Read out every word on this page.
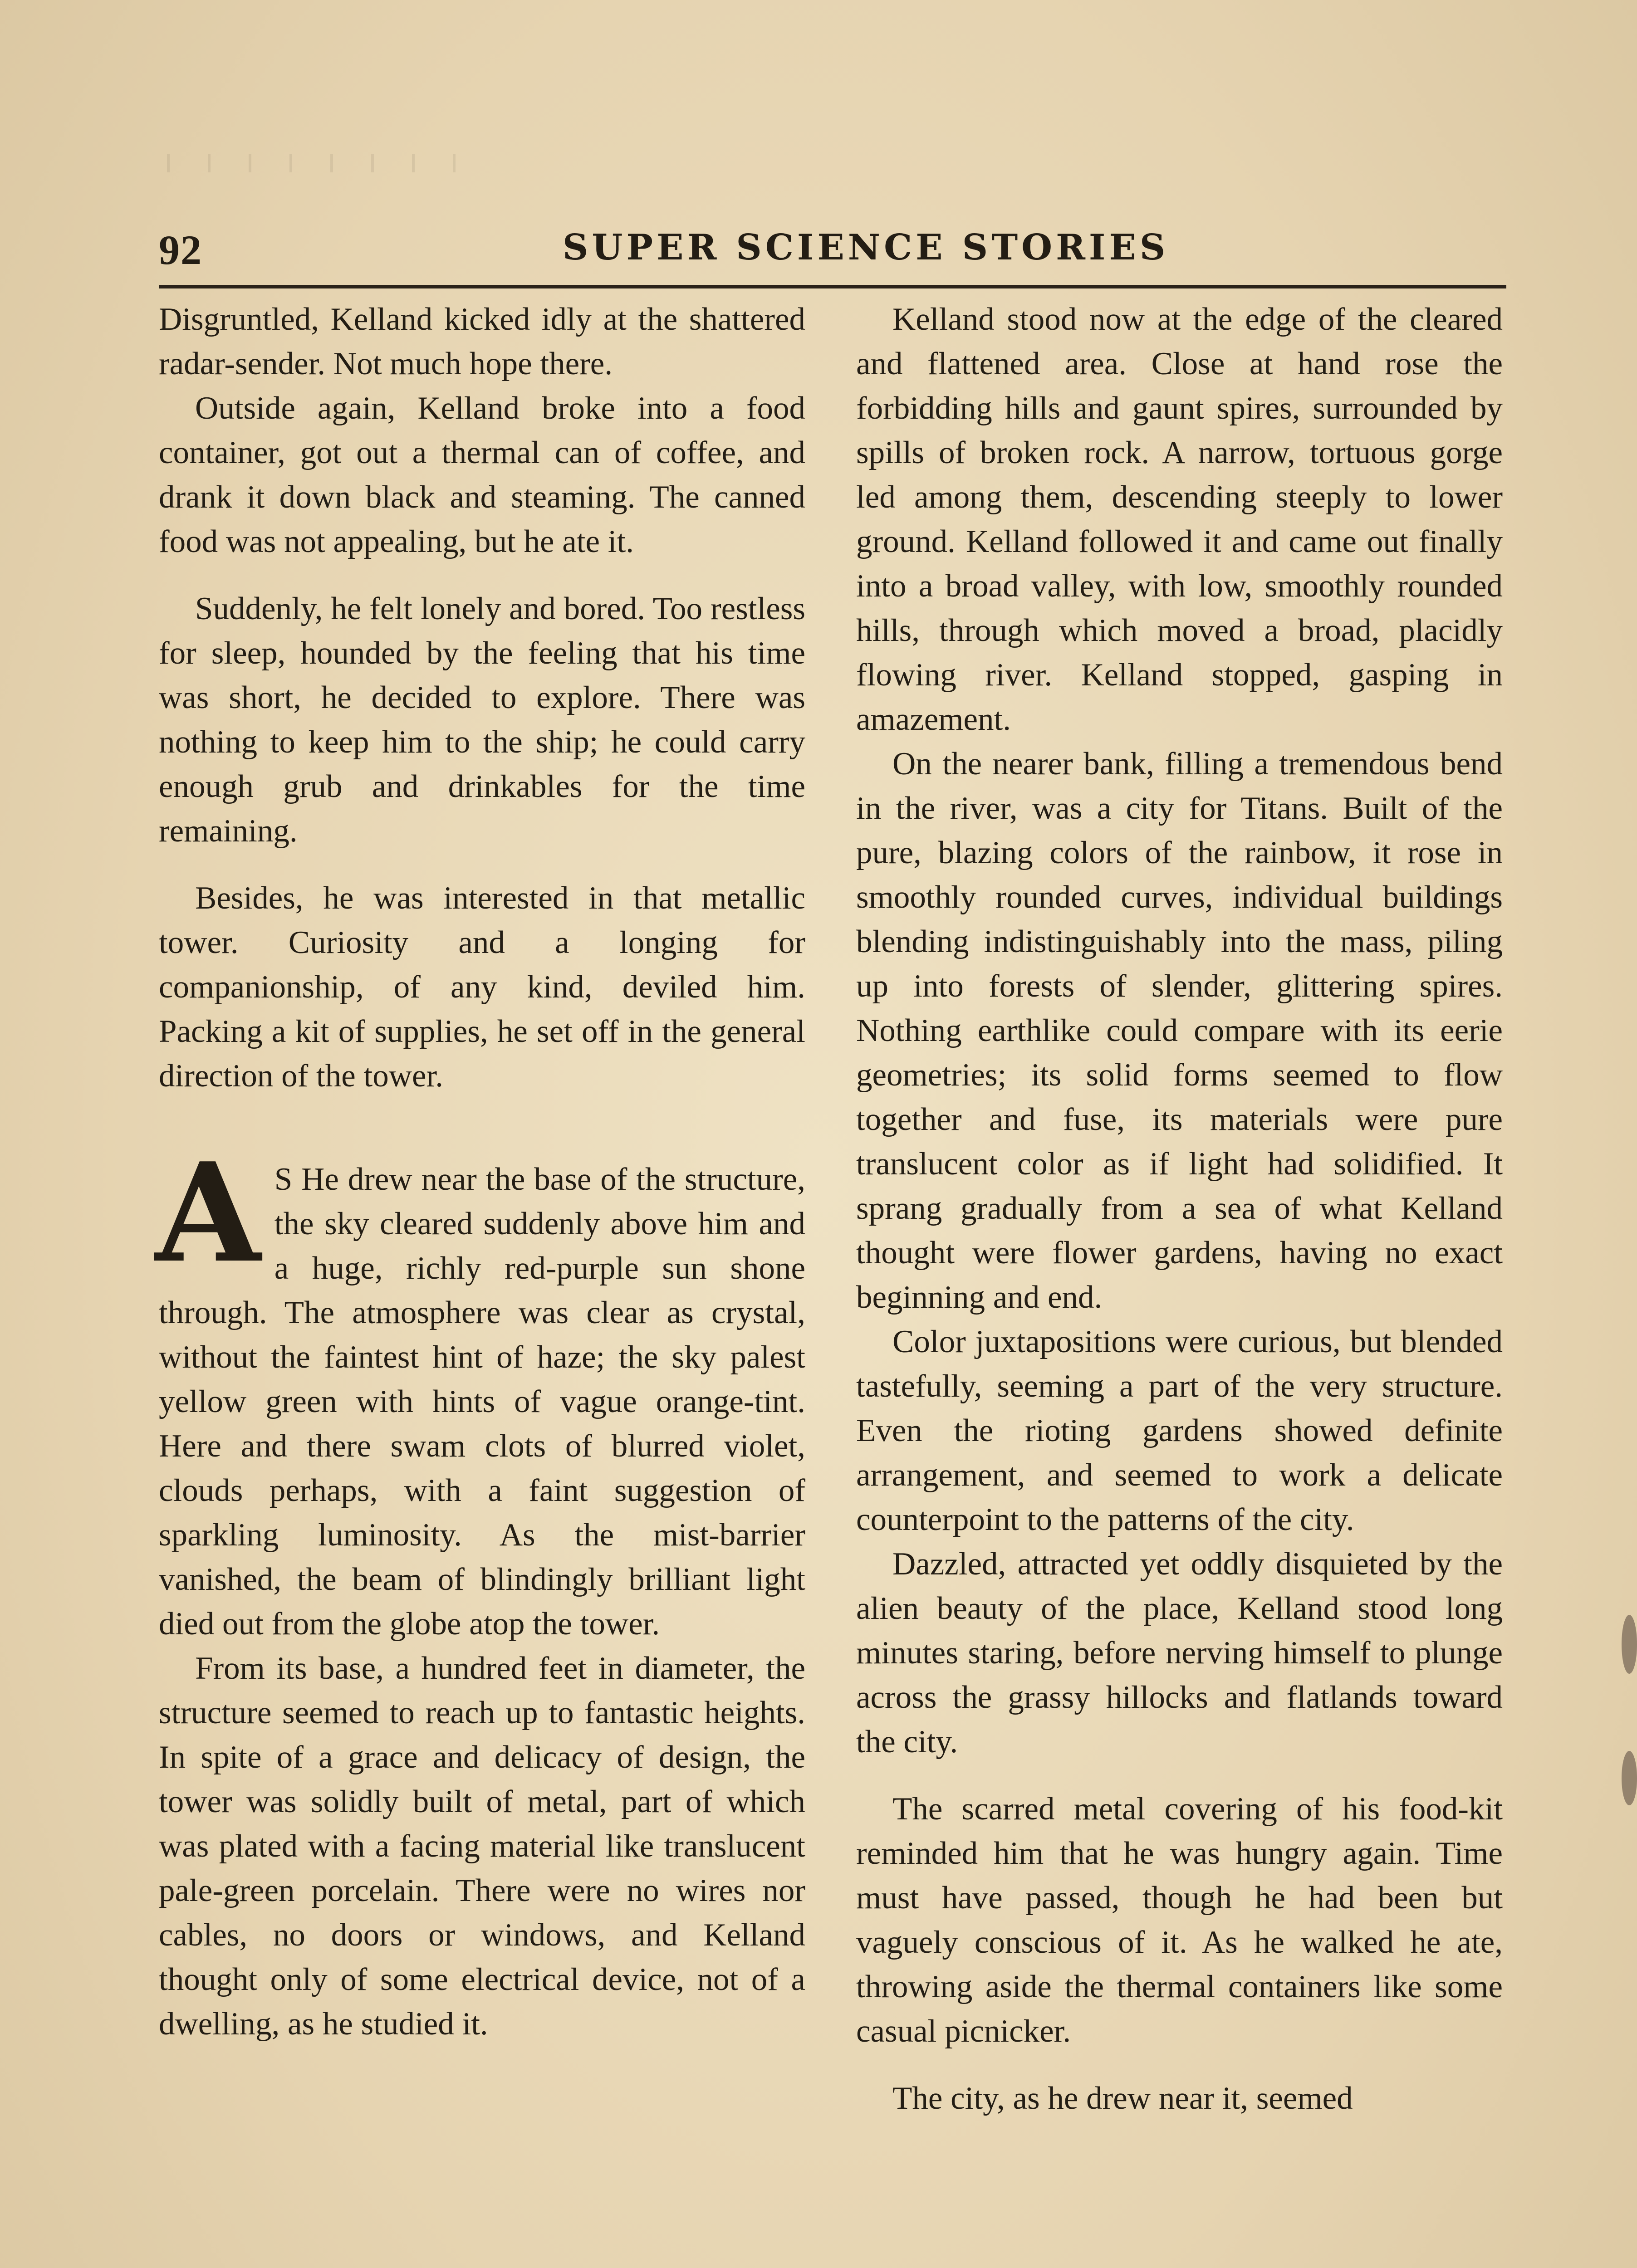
92	SUPER SCIENCE STORIES

Disgruntled, Kelland kicked idly at the shattered radar-sender. Not much hope there.

Outside again, Kelland broke into a food container, got out a thermal can of coffee, and drank it down black and steaming. The canned food was not appealing, but he ate it.

Suddenly, he felt lonely and bored. Too restless for sleep, hounded by the feeling that his time was short, he decided to explore. There was nothing to keep him to the ship; he could carry enough grub and drinkables for the time remaining.

Besides, he was interested in that metallic tower. Curiosity and a longing for companionship, of any kind, deviled him. Packing a kit of supplies, he set off in the general direction of the tower.

A S He drew near the base of the structure, the sky cleared suddenly above him and a huge, richly red-purple sun shone through. The atmosphere was clear as crystal, without the faintest hint of haze; the sky palest yellow green with hints of vague orange-tint. Here and there swam clots of blurred violet, clouds perhaps, with a faint suggestion of sparkling luminosity. As the mist-barrier vanished, the beam of blindingly brilliant light died out from the globe atop the tower.

From its base, a hundred feet in diameter, the structure seemed to reach up to fantastic heights. In spite of a grace and delicacy of design, the tower was solidly built of metal, part of which was plated with a facing material like translucent pale-green porcelain. There were no wires nor cables, no doors or windows, and Kelland thought only of some electrical device, not of a dwelling, as he studied it.

Kelland stood now at the edge of the cleared and flattened area. Close at hand rose the forbidding hills and gaunt spires, surrounded by spills of broken rock. A narrow, tortuous gorge led among them, descending steeply to lower ground. Kelland followed it and came out finally into a broad valley, with low, smoothly rounded hills, through which moved a broad, placidly flowing river. Kelland stopped, gasping in amazement.

On the nearer bank, filling a tremendous bend in the river, was a city for Titans. Built of the pure, blazing colors of the rainbow, it rose in smoothly rounded curves, individual buildings blending indistinguishably into the mass, piling up into forests of slender, glittering spires. Nothing earthlike could compare with its eerie geometries; its solid forms seemed to flow together and fuse, its materials were pure translucent color as if light had solidified. It sprang gradually from a sea of what Kelland thought were flower gardens, having no exact beginning and end.

Color juxtapositions were curious, but blended tastefully, seeming a part of the very structure. Even the rioting gardens showed definite arrangement, and seemed to work a delicate counterpoint to the patterns of the city.

Dazzled, attracted yet oddly disquieted by the alien beauty of the place, Kelland stood long minutes staring, before nerving himself to plunge across the grassy hillocks and flatlands toward the city.

The scarred metal covering of his food-kit reminded him that he was hungry again. Time must have passed, though he had been but vaguely conscious of it. As he walked he ate, throwing aside the thermal containers like some casual picnicker.

The city, as he drew near it, seemed
